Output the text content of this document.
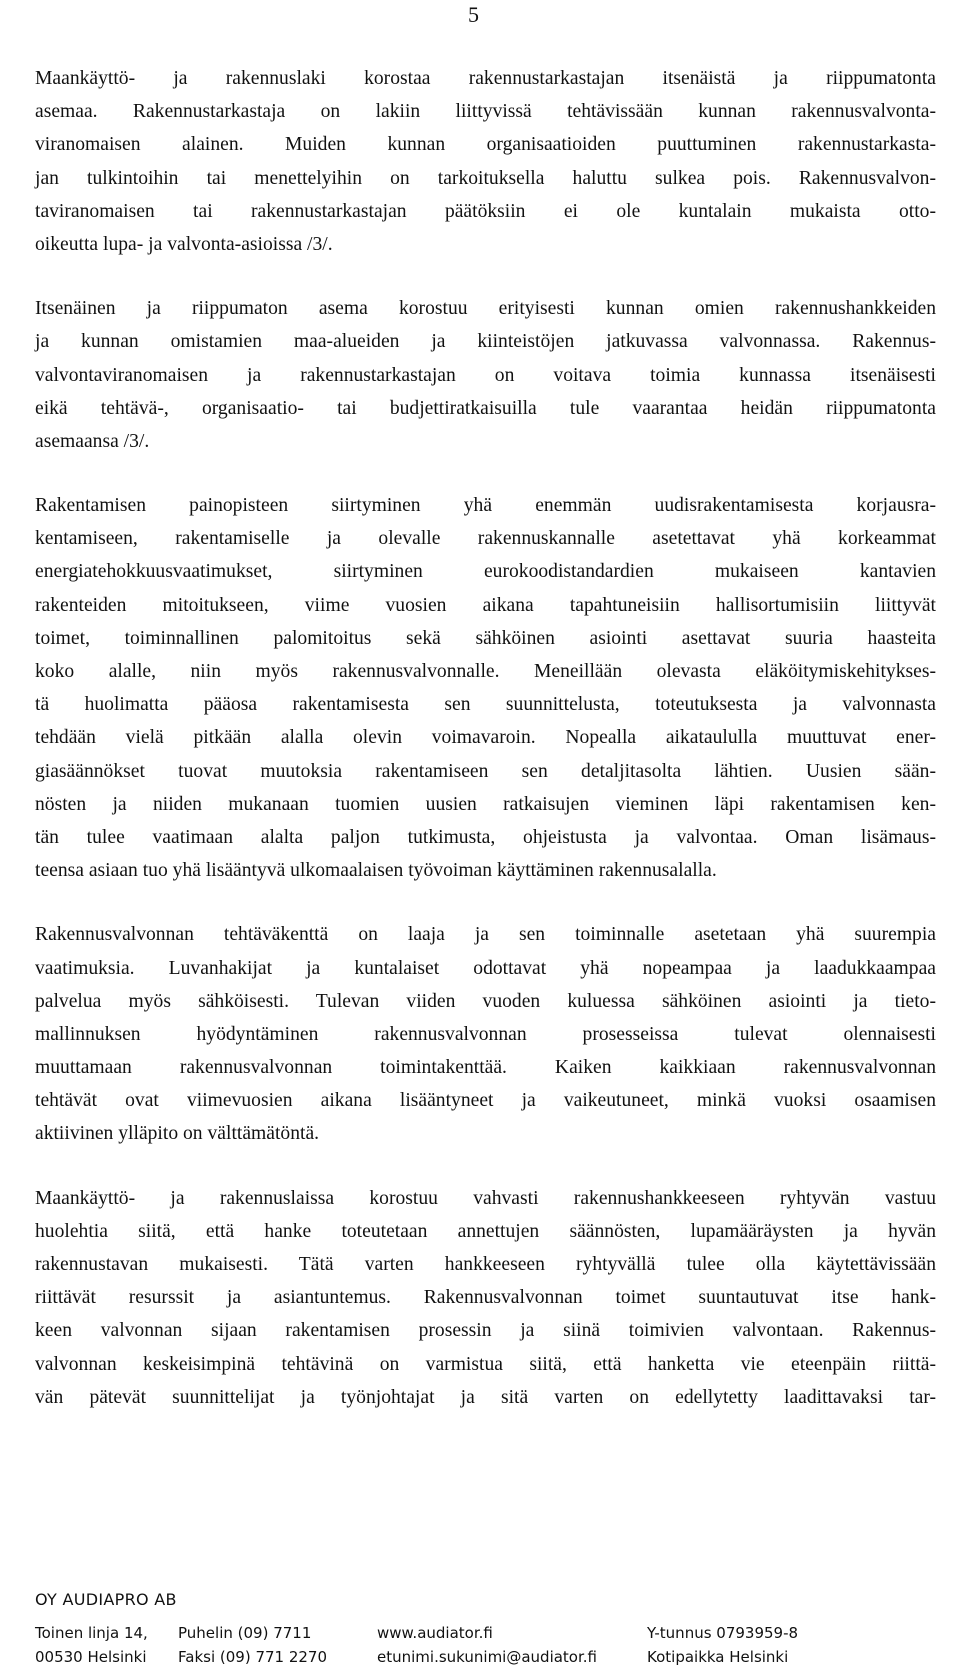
5
Maankäyttö- ja rakennuslaki korostaa rakennustarkastajan itsenäistä ja riippumatonta
asemaa. Rakennustarkastaja on lakiin liittyvissä tehtävissään kunnan rakennusvalvonta-
viranomaisen alainen. Muiden kunnan organisaatioiden puuttuminen rakennustarkasta-
jan tulkintoihin tai menettelyihin on tarkoituksella haluttu sulkea pois. Rakennusvalvon-
taviranomaisen tai rakennustarkastajan päätöksiin ei ole kuntalain mukaista otto-
oikeutta lupa- ja valvonta-asioissa /3/.
Itsenäinen ja riippumaton asema korostuu erityisesti kunnan omien rakennushankkeiden
ja kunnan omistamien maa-alueiden ja kiinteistöjen jatkuvassa valvonnassa. Rakennus-
valvontaviranomaisen ja rakennustarkastajan on voitava toimia kunnassa itsenäisesti
eikä tehtävä-, organisaatio- tai budjettiratkaisuilla tule vaarantaa heidän riippumatonta
asemaansa /3/.
Rakentamisen painopisteen siirtyminen yhä enemmän uudisrakentamisesta korjausra-
kentamiseen, rakentamiselle ja olevalle rakennuskannalle asetettavat yhä korkeammat
energiatehokkuusvaatimukset, siirtyminen eurokoodistandardien mukaiseen kantavien
rakenteiden mitoitukseen, viime vuosien aikana tapahtuneisiin hallisortumisiin liittyvät
toimet, toiminnallinen palomitoitus sekä sähköinen asiointi asettavat suuria haasteita
koko alalle, niin myös rakennusvalvonnalle. Meneillään olevasta eläköitymiskehitykses-
tä huolimatta pääosa rakentamisesta sen suunnittelusta, toteutuksesta ja valvonnasta
tehdään vielä pitkään alalla olevin voimavaroin. Nopealla aikataululla muuttuvat ener-
giasäännökset tuovat muutoksia rakentamiseen sen detaljitasolta lähtien. Uusien sään-
nösten ja niiden mukanaan tuomien uusien ratkaisujen vieminen läpi rakentamisen ken-
tän tulee vaatimaan alalta paljon tutkimusta, ohjeistusta ja valvontaa. Oman lisämaus-
teensa asiaan tuo yhä lisääntyvä ulkomaalaisen työvoiman käyttäminen rakennusalalla.
Rakennusvalvonnan tehtäväkenttä on laaja ja sen toiminnalle asetetaan yhä suurempia
vaatimuksia. Luvanhakijat ja kuntalaiset odottavat yhä nopeampaa ja laadukkaampaa
palvelua myös sähköisesti. Tulevan viiden vuoden kuluessa sähköinen asiointi ja tieto-
mallinnuksen hyödyntäminen rakennusvalvonnan prosesseissa tulevat olennaisesti
muuttamaan rakennusvalvonnan toimintakenttää. Kaiken kaikkiaan rakennusvalvonnan
tehtävät ovat viimevuosien aikana lisääntyneet ja vaikeutuneet, minkä vuoksi osaamisen
aktiivinen ylläpito on välttämätöntä.
Maankäyttö- ja rakennuslaissa korostuu vahvasti rakennushankkeeseen ryhtyvän vastuu
huolehtia siitä, että hanke toteutetaan annettujen säännösten, lupamääräysten ja hyvän
rakennustavan mukaisesti. Tätä varten hankkeeseen ryhtyvällä tulee olla käytettävissään
riittävät resurssit ja asiantuntemus. Rakennusvalvonnan toimet suuntautuvat itse hank-
keen valvonnan sijaan rakentamisen prosessin ja siinä toimivien valvontaan. Rakennus-
valvonnan keskeisimpinä tehtävinä on varmistua siitä, että hanketta vie eteenpäin riittä-
vän pätevät suunnittelijat ja työnjohtajat ja sitä varten on edellytetty laadittavaksi tar-
OY AUDIAPRO AB
Toinen linja 14, Puhelin (09) 7711	www.audiator.fi	Y-tunnus 0793959-8
00530 Helsinki Faksi (09) 771 2270	etunimi.sukunimi@audiator.fi	Kotipaikka Helsinki
